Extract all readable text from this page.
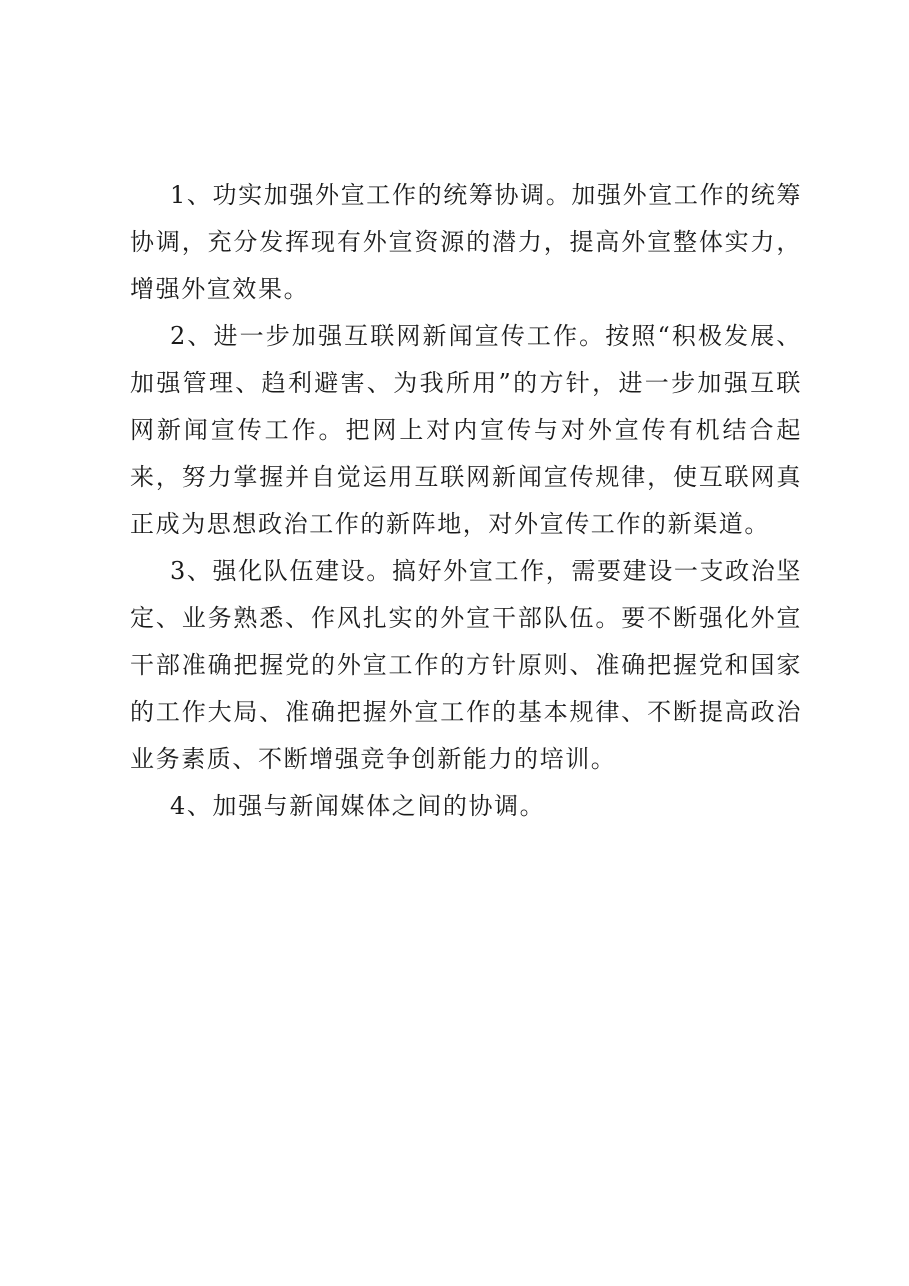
1、功实加强外宣工作的统筹协调。加强外宣工作的统筹协调，充分发挥现有外宣资源的潜力，提高外宣整体实力，增强外宣效果。

2、进一步加强互联网新闻宣传工作。按照“积极发展、加强管理、趋利避害、为我所用”的方针，进一步加强互联网新闻宣传工作。把网上对内宣传与对外宣传有机结合起来，努力掌握并自觉运用互联网新闻宣传规律，使互联网真正成为思想政治工作的新阵地，对外宣传工作的新渠道。

3、强化队伍建设。搞好外宣工作，需要建设一支政治坚定、业务熟悉、作风扎实的外宣干部队伍。要不断强化外宣干部准确把握党的外宣工作的方针原则、准确把握党和国家的工作大局、准确把握外宣工作的基本规律、不断提高政治业务素质、不断增强竞争创新能力的培训。

4、加强与新闻媒体之间的协调。
